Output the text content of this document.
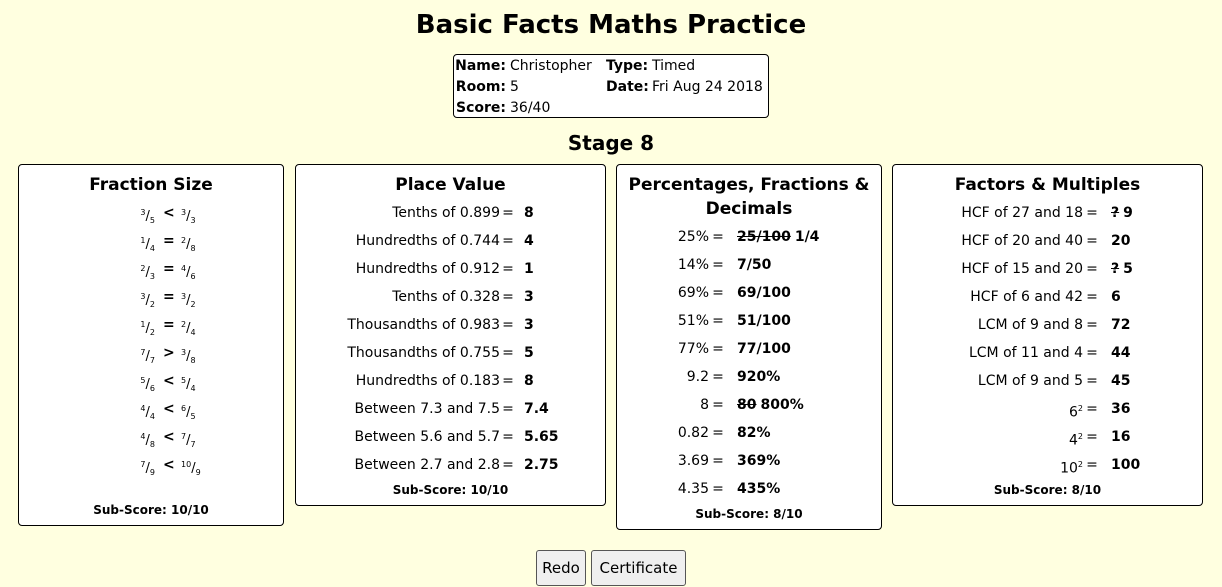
Basic Facts Maths Practice
Name: Christopher	Type: Timed
Room: 5	Date: Fri Aug 24 2018
Score: 36/40
Stage 8
Fraction Size
$^3/_5 < ^3/_3$
$^1/_4 = ^2/_8$
$^2/_3 = ^4/_6$
$^3/_2 = ^3/_2$
$^1/_2 = ^2/_4$
$^7/_7 > ^3/_8$
$^5/_6 < ^5/_4$
$^4/_4 < ^6/_5$
$^4/_8 < ^7/_7$
$^7/_9 < ^{10}/_9$
Sub-Score: 10/10
Place Value
Tenths of 0.899 = 8
Hundredths of 0.744 = 4
Hundredths of 0.912 = 1
Tenths of 0.328 = 3
Thousandths of 0.983 = 3
Thousandths of 0.755 = 5
Hundredths of 0.183 = 8
Between 7.3 and 7.5 = 7.4
Between 5.6 and 5.7 = 5.65
Between 2.7 and 2.8 = 2.75
Sub-Score: 10/10
Percentages, Fractions & Decimals
25% = 25/100 1/4
14% = 7/50
69% = 69/100
51% = 51/100
77% = 77/100
9.2 = 920%
8 = 80 800%
0.82 = 82%
3.69 = 369%
4.35 = 435%
Sub-Score: 8/10
Factors & Multiples
HCF of 27 and 18 = ? 9
HCF of 20 and 40 = 20
HCF of 15 and 20 = ? 5
HCF of 6 and 42 = 6
LCM of 9 and 8 = 72
LCM of 11 and 4 = 44
LCM of 9 and 5 = 45
$6^2 = 36$
$4^2 = 16$
$10^2 = 100$
Sub-Score: 8/10
Redo	Certificate
